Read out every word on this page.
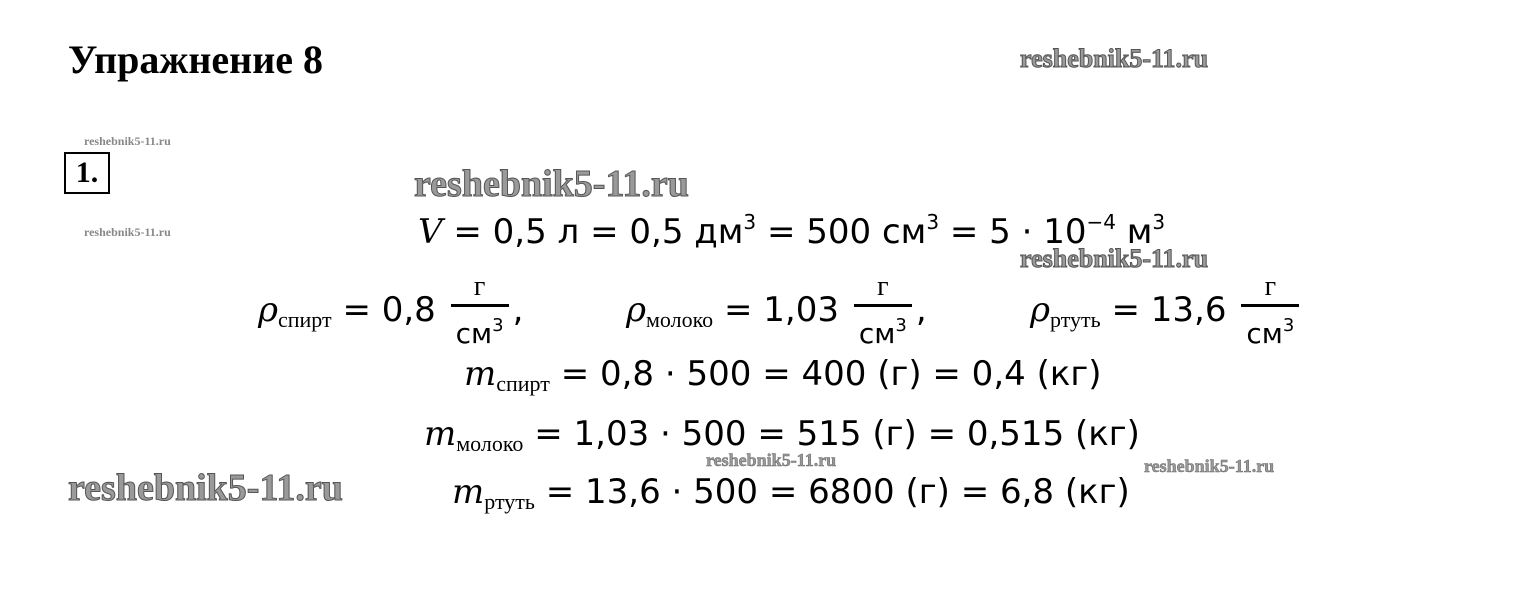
Упражнение 8	reshebnik5-11.ru
reshebnik5-11.ru
1.
reshebnik5-11.ru
reshebnik5-11.ru
V = 0,5 л = 0,5 $дм^3 = 500$ $см^3 = 5 \cdot 10^{-4}$ $м^3$
reshebnik5-11.ru
$\rho_{спирт} = 0,8 \frac{г}{см^3}$ ,	$\rho_{молоко} = 1,03 \frac{г}{см^3}$ ,	$\rho_{ртуть} = 13,6 \frac{г}{см^3}$
$m_{спирт} = 0,8 \cdot 500 = 400$ (г) = 0,4 (кг)
$m_{молоко} = 1,03 \cdot 500 = 515$ (г) = 0,515 (кг)
reshebnik5-11.ru	reshebnik5-11.ru
reshebnik5-11.ru	$m_{ртуть} = 13,6 \cdot 500 = 6800$ (г) = 6,8 (кг)
